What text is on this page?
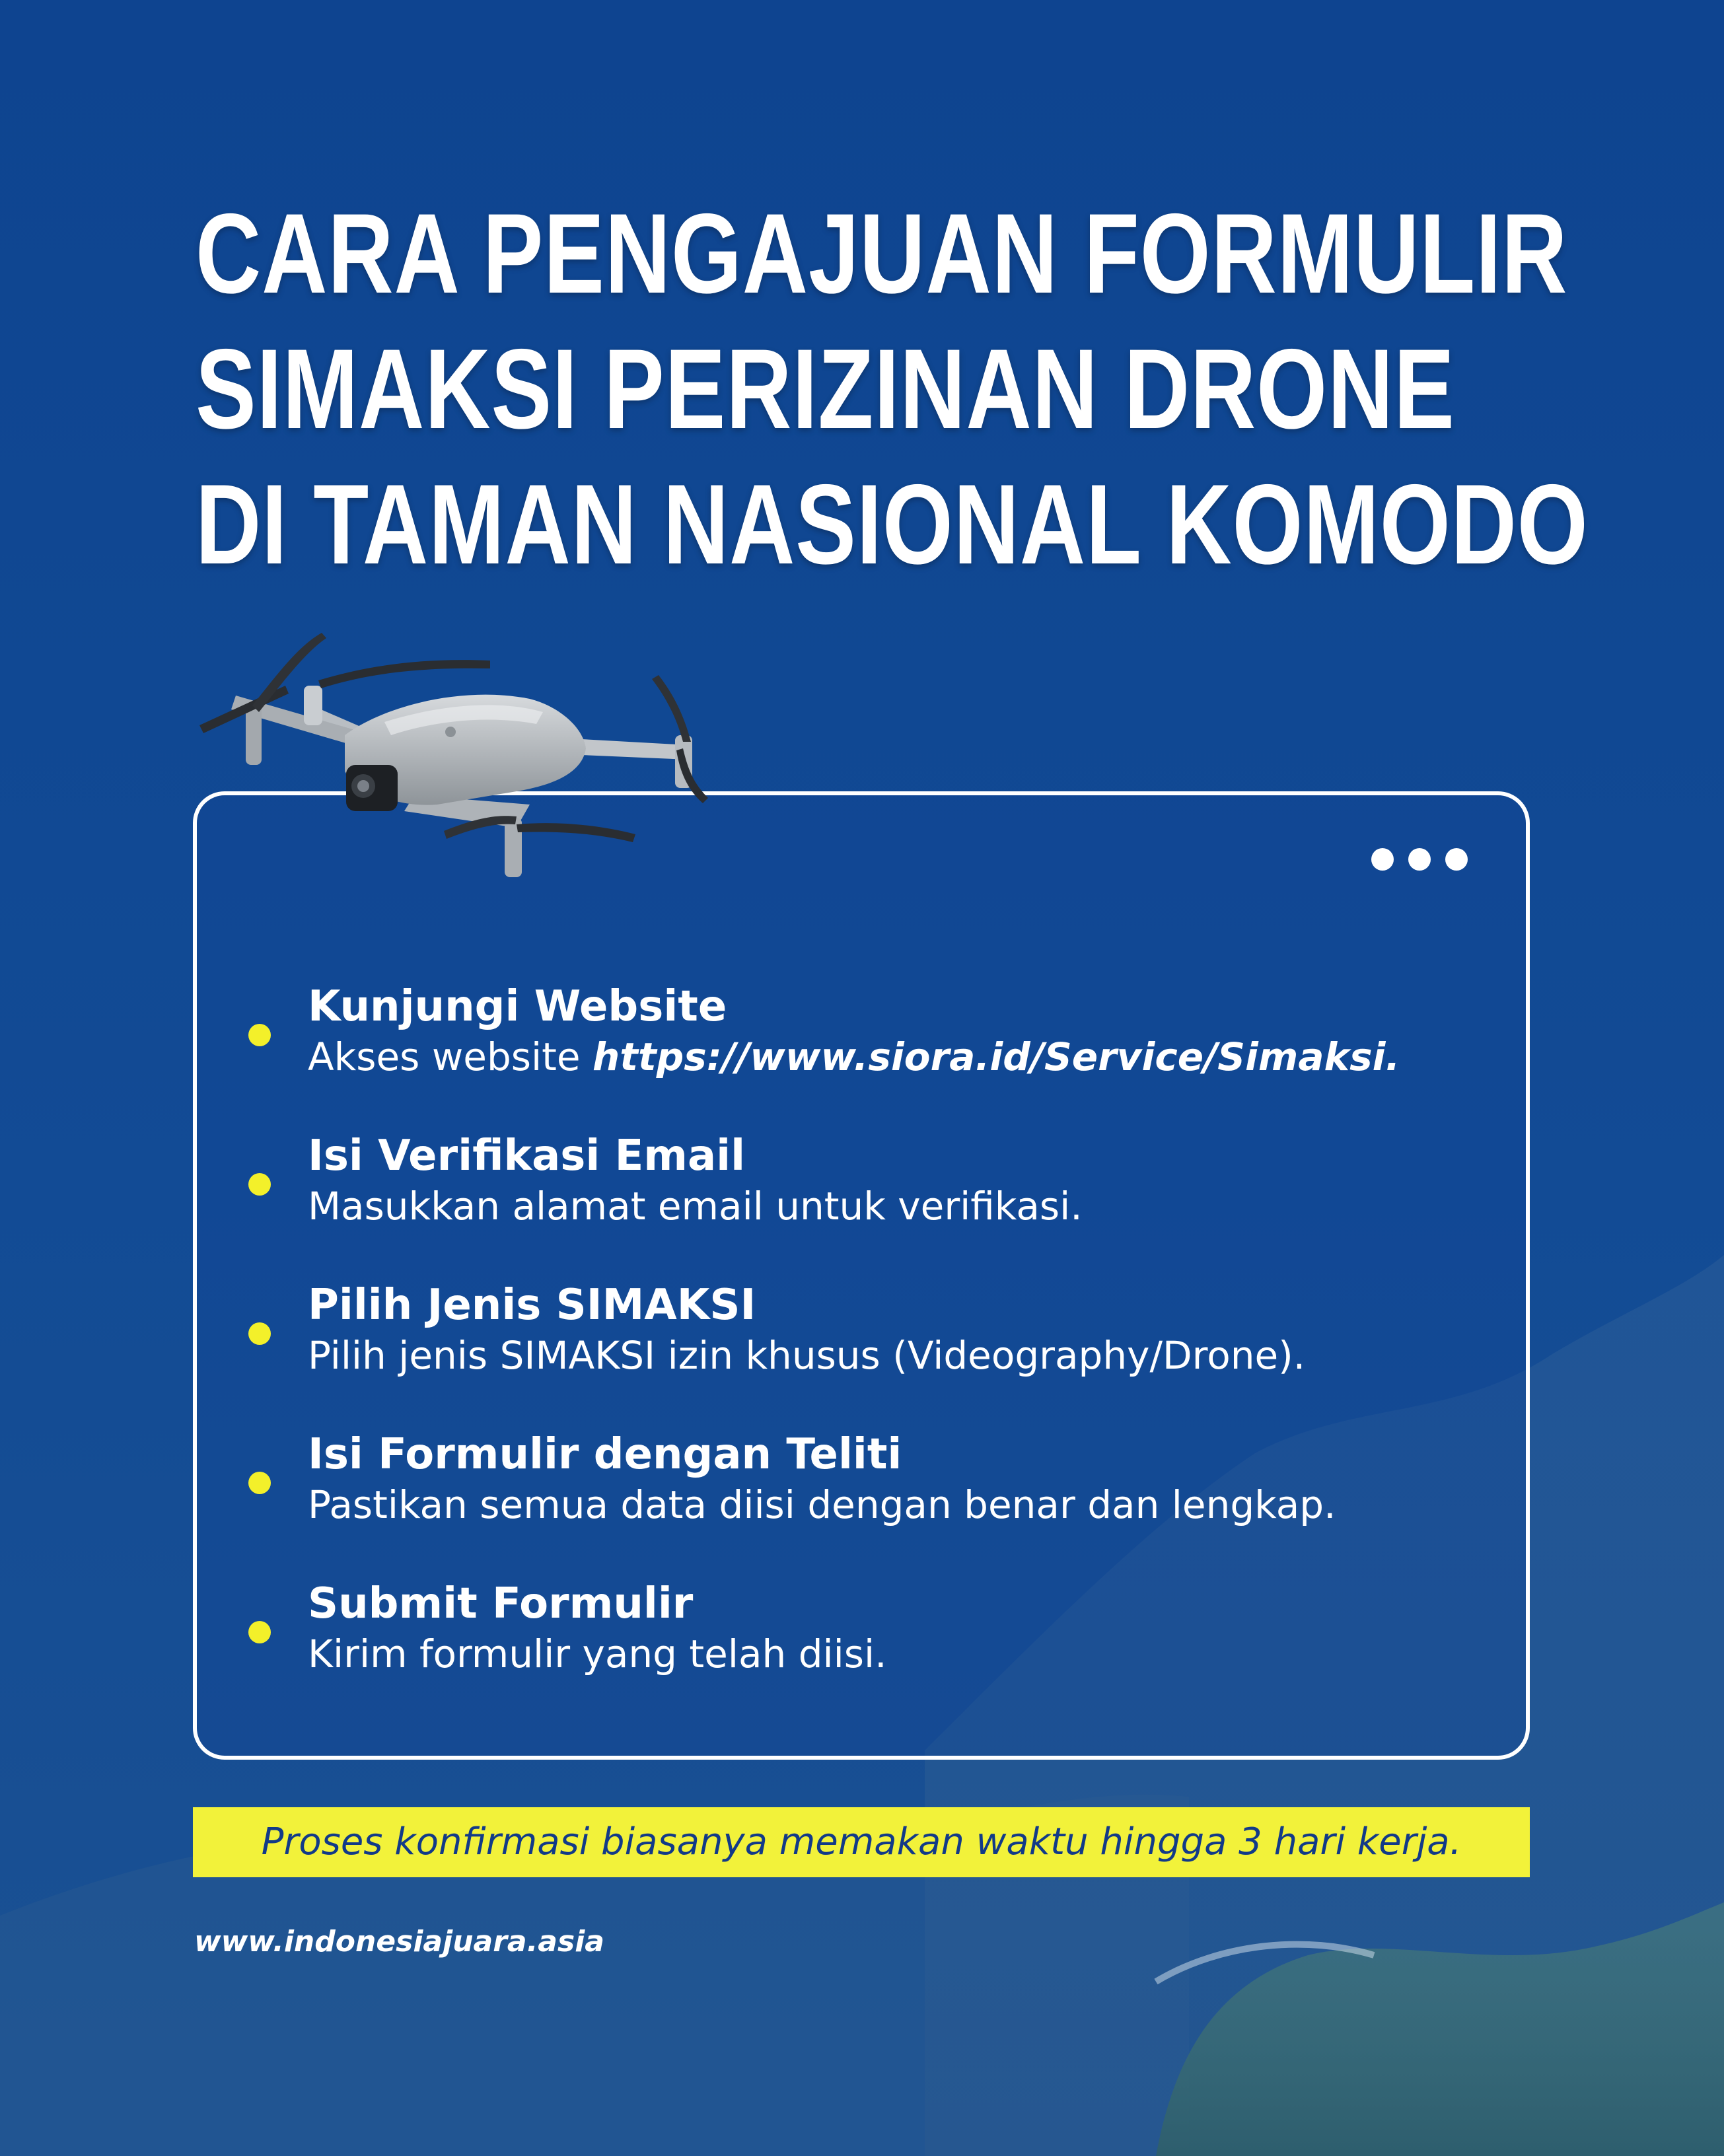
CARA PENGAJUAN FORMULIR
SIMAKSI PERIZINAN DRONE
DI TAMAN NASIONAL KOMODO
Kunjungi Website
Akses website https://www.siora.id/Service/Simaksi.
Isi Verifikasi Email
Masukkan alamat email untuk verifikasi.
Pilih Jenis SIMAKSI
Pilih jenis SIMAKSI izin khusus (Videography/Drone).
Isi Formulir dengan Teliti
Pastikan semua data diisi dengan benar dan lengkap.
Submit Formulir
Kirim formulir yang telah diisi.
Proses konfirmasi biasanya memakan waktu hingga 3 hari kerja.
www.indonesiajuara.asia
